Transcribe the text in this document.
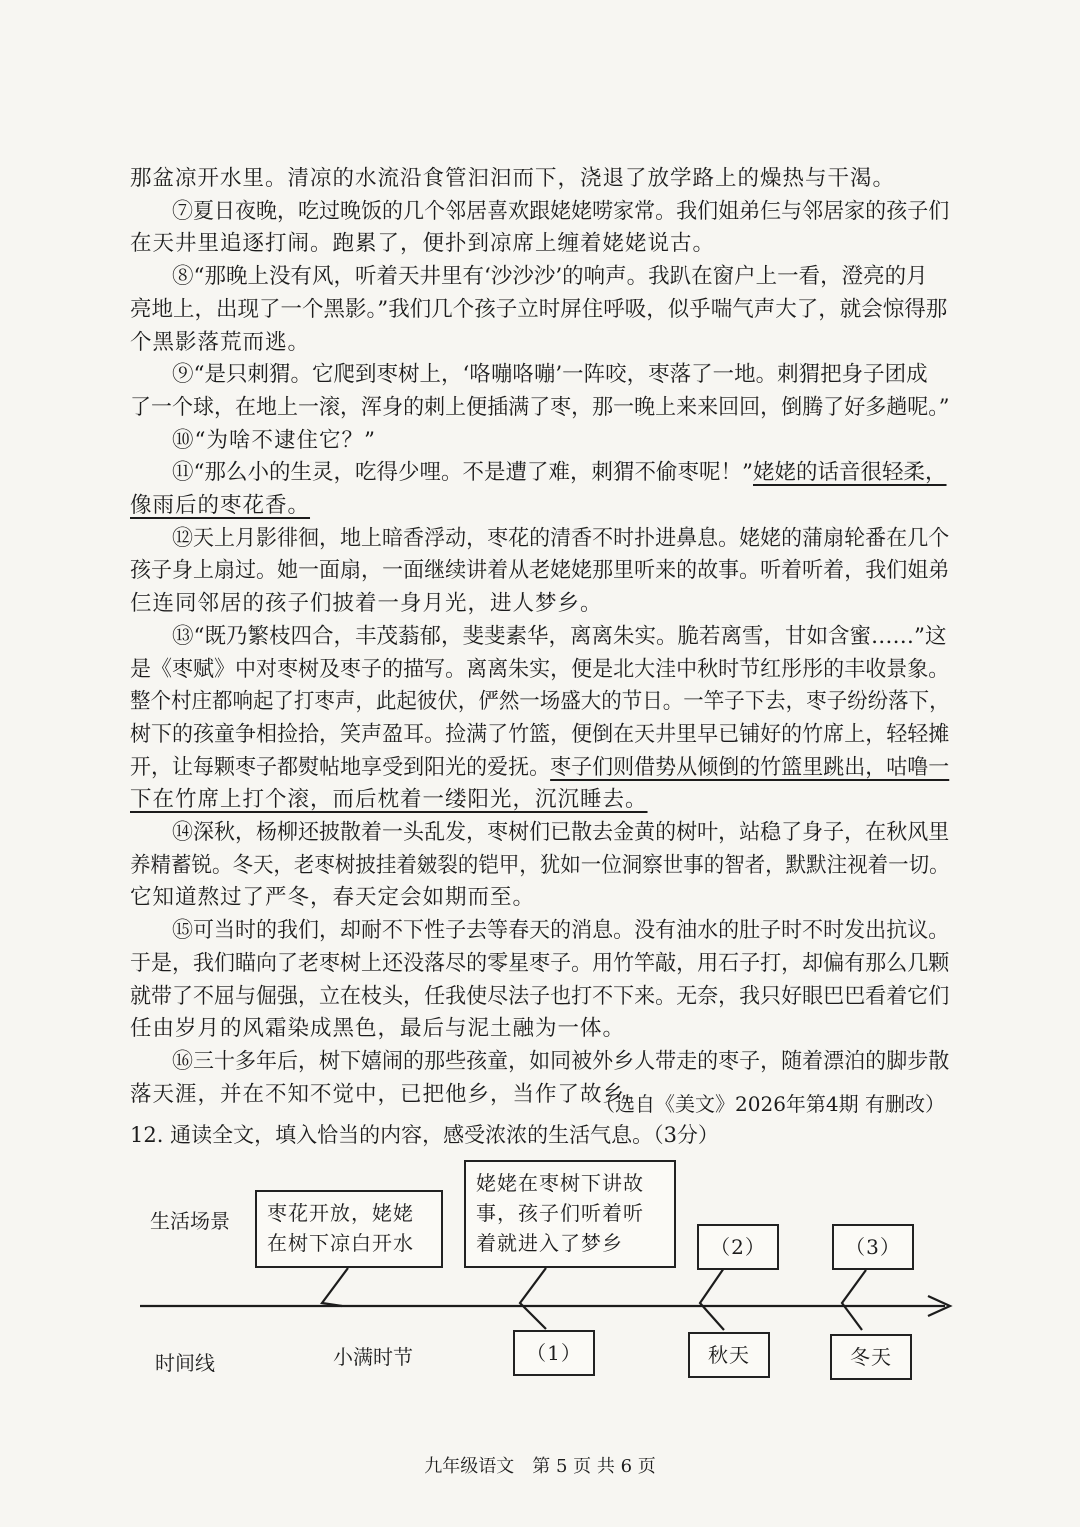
那盆凉开水里。清凉的水流沿食管汩汩而下，浇退了放学路上的燥热与干渴。
⑦夏日夜晚，吃过晚饭的几个邻居喜欢跟姥姥唠家常。我们姐弟仨与邻居家的孩子们
在天井里追逐打闹。跑累了，便扑到凉席上缠着姥姥说古。
⑧“那晚上没有风，听着天井里有‘沙沙沙’的响声。我趴在窗户上一看，澄亮的月
亮地上，出现了一个黑影。”我们几个孩子立时屏住呼吸，似乎喘气声大了，就会惊得那
个黑影落荒而逃。
⑨“是只刺猬。它爬到枣树上，‘咯嘣咯嘣’一阵咬，枣落了一地。刺猬把身子团成
了一个球，在地上一滚，浑身的刺上便插满了枣，那一晚上来来回回，倒腾了好多趟呢。”
⑩“为啥不逮住它？”
⑪“那么小的生灵，吃得少哩。不是遭了难，刺猬不偷枣呢！”姥姥的话音很轻柔，
像雨后的枣花香。
⑫天上月影徘徊，地上暗香浮动，枣花的清香不时扑进鼻息。姥姥的蒲扇轮番在几个
孩子身上扇过。她一面扇，一面继续讲着从老姥姥那里听来的故事。听着听着，我们姐弟
仨连同邻居的孩子们披着一身月光，进人梦乡。
⑬“既乃繁枝四合，丰茂蓊郁，斐斐素华，离离朱实。脆若离雪，甘如含蜜……”这
是《枣赋》中对枣树及枣子的描写。离离朱实，便是北大洼中秋时节红彤彤的丰收景象。
整个村庄都响起了打枣声，此起彼伏，俨然一场盛大的节日。一竿子下去，枣子纷纷落下，
树下的孩童争相捡拾，笑声盈耳。捡满了竹篮，便倒在天井里早已铺好的竹席上，轻轻摊
开，让每颗枣子都熨帖地享受到阳光的爱抚。枣子们则借势从倾倒的竹篮里跳出，咕噜一
下在竹席上打个滚，而后枕着一缕阳光，沉沉睡去。
⑭深秋，杨柳还披散着一头乱发，枣树们已散去金黄的树叶，站稳了身子，在秋风里
养精蓄锐。冬天，老枣树披挂着皴裂的铠甲，犹如一位洞察世事的智者，默默注视着一切。
它知道熬过了严冬，春天定会如期而至。
⑮可当时的我们，却耐不下性子去等春天的消息。没有油水的肚子时不时发出抗议。
于是，我们瞄向了老枣树上还没落尽的零星枣子。用竹竿敲，用石子打，却偏有那么几颗
就带了不屈与倔强，立在枝头，任我使尽法子也打不下来。无奈，我只好眼巴巴看着它们
任由岁月的风霜染成黑色，最后与泥土融为一体。
⑯三十多年后，树下嬉闹的那些孩童，如同被外乡人带走的枣子，随着漂泊的脚步散
落天涯，并在不知不觉中，已把他乡，当作了故乡。
（选自《美文》2026年第4期 有删改）
12. 通读全文，填入恰当的内容，感受浓浓的生活气息。（3分）
生活场景
时间线
枣花开放，姥姥在树下凉白开水
姥姥在枣树下讲故事，孩子们听着听着就进入了梦乡	（2）	（3）
小满时节	（1）	秋天	冬天
九年级语文　第 5 页 共 6 页
